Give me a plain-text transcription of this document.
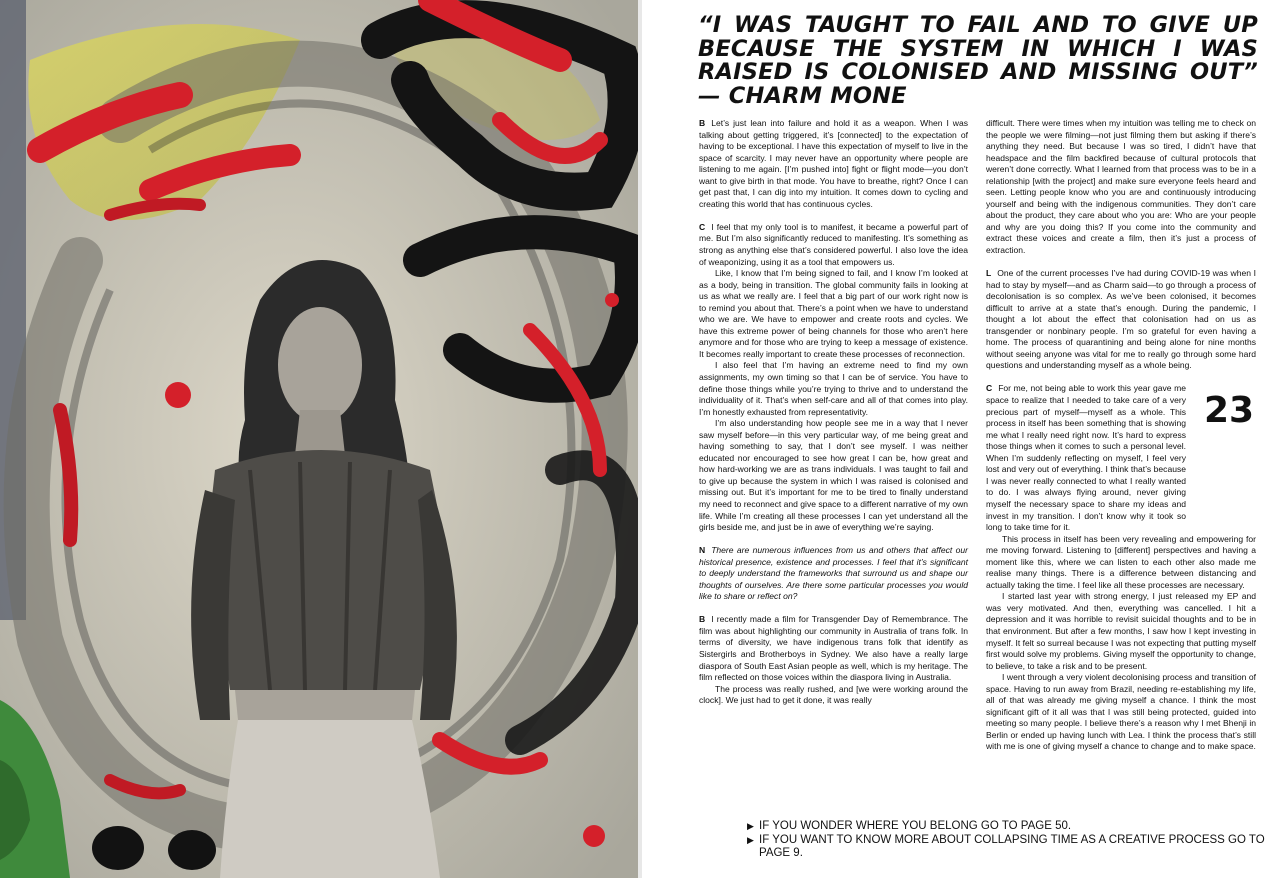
“I WAS TAUGHT TO FAIL AND TO GIVE UP BECAUSE THE SYSTEM IN WHICH I WAS RAISED IS COLONISED AND MISSING OUT” — CHARM MONE

B Let’s just lean into failure and hold it as a weapon. When I was talking about getting triggered, it’s [connected] to the expectation of having to be exceptional. I have this expectation of myself to live in the space of scarcity. I may never have an opportunity where people are listening to me again. [I’m pushed into] fight or flight mode—you don’t want to give birth in that mode. You have to breathe, right? Once I can get past that, I can dig into my intuition. It comes down to cycling and creating this world that has continuous cycles.

C I feel that my only tool is to manifest, it became a powerful part of me. But I’m also significantly reduced to manifesting. It’s something as strong as anything else that’s considered powerful. I also love the idea of weaponizing, using it as a tool that empowers us.

Like, I know that I’m being signed to fail, and I know I’m looked at as a body, being in transition. The global community fails in looking at us as what we really are. I feel that a big part of our work right now is to remind you about that. There’s a point when we have to understand who we are. We have to empower and create roots and cycles. We have this extreme power of being channels for those who aren’t here anymore and for those who are trying to keep a message of existence. It becomes really important to create these processes of reconnection.

I also feel that I’m having an extreme need to find my own assignments, my own timing so that I can be of service. You have to define those things while you’re trying to thrive and to understand the individuality of it. That’s when self-care and all of that comes into play. I’m honestly exhausted from representativity.

I’m also understanding how people see me in a way that I never saw myself before—in this very particular way, of me being great and having something to say, that I don’t see myself. I was neither educated nor encouraged to see how great I can be, how great and how hard-working we are as trans individuals. I was taught to fail and to give up because the system in which I was raised is colonised and missing out. But it’s important for me to be tired to finally understand my need to reconnect and give space to a different narrative of my own life. While I’m creating all these processes I can yet understand all the girls beside me, and just be in awe of everything we’re saying.

N There are numerous influences from us and others that affect our historical presence, existence and processes. I feel that it’s significant to deeply understand the frameworks that surround us and shape our thoughts of ourselves. Are there some particular processes you would like to share or reflect on?

B I recently made a film for Transgender Day of Remembrance. The film was about highlighting our community in Australia of trans folk. In terms of diversity, we have indigenous trans folk that identify as Sistergirls and Brotherboys in Sydney. We also have a really large diaspora of South East Asian people as well, which is my heritage. The film reflected on those voices within the diaspora living in Australia.

The process was really rushed, and [we were working around the clock]. We just had to get it done, it was really

difficult. There were times when my intuition was telling me to check on the people we were filming—not just filming them but asking if there’s anything they need. But because I was so tired, I didn’t have that headspace and the film backfired because of cultural protocols that weren’t done correctly. What I learned from that process was to be in a relationship [with the project] and make sure everyone feels heard and seen. Letting people know who you are and continuously introducing yourself and being with the indigenous communities. They don’t care about the product, they care about who you are: Who are your people and why are you doing this? If you come into the community and extract these voices and create a film, then it’s just a process of extraction.

L One of the current processes I’ve had during COVID-19 was when I had to stay by myself—and as Charm said—to go through a process of decolonisation is so complex. As we’ve been colonised, it becomes difficult to arrive at a state that’s enough. During the pandemic, I thought a lot about the effect that colonisation had on us as transgender or nonbinary people. I’m so grateful for even having a home. The process of quarantining and being alone for nine months without seeing anyone was vital for me to really go through some hard questions and understanding myself as a whole being.

C For me, not being able to work this year gave me space to realize that I needed to take care of a very precious part of myself—myself as a whole. This process in itself has been something that is showing me what I really need right now. It’s hard to express those things when it comes to such a personal level. When I’m suddenly reflecting on myself, I feel very lost and very out of everything. I think that’s because I was never really connected to what I really wanted to do. I was always flying around, never giving myself the necessary space to share my ideas and invest in my transition. I don’t know why it took so long to take time for it.

This process in itself has been very revealing and empowering for me moving forward. Listening to [different] perspectives and having a moment like this, where we can listen to each other also made me realise many things. There is a difference between distancing and actually taking the time. I feel like all these processes are necessary.

I started last year with strong energy, I just released my EP and was very motivated. And then, everything was cancelled. I hit a depression and it was horrible to revisit suicidal thoughts and to be in that environment. But after a few months, I saw how I kept investing in myself. It felt so surreal because I was not expecting that putting myself first would solve my problems. Giving myself the opportunity to change, to believe, to take a risk and to be present.

I went through a very violent decolonising process and transition of space. Having to run away from Brazil, needing re-establishing my life, all of that was already me giving myself a chance. I think the most significant gift of it all was that I was still being protected, guided into meeting so many people. I believe there’s a reason why I met Bhenji in Berlin or ended up having lunch with Lea. I think the process that’s still with me is one of giving myself a chance to change and to make space.

23
▶ IF YOU WONDER WHERE YOU BELONG GO TO PAGE 50.
▶ IF YOU WANT TO KNOW MORE ABOUT COLLAPSING TIME AS A CREATIVE PROCESS GO TO PAGE 9.
